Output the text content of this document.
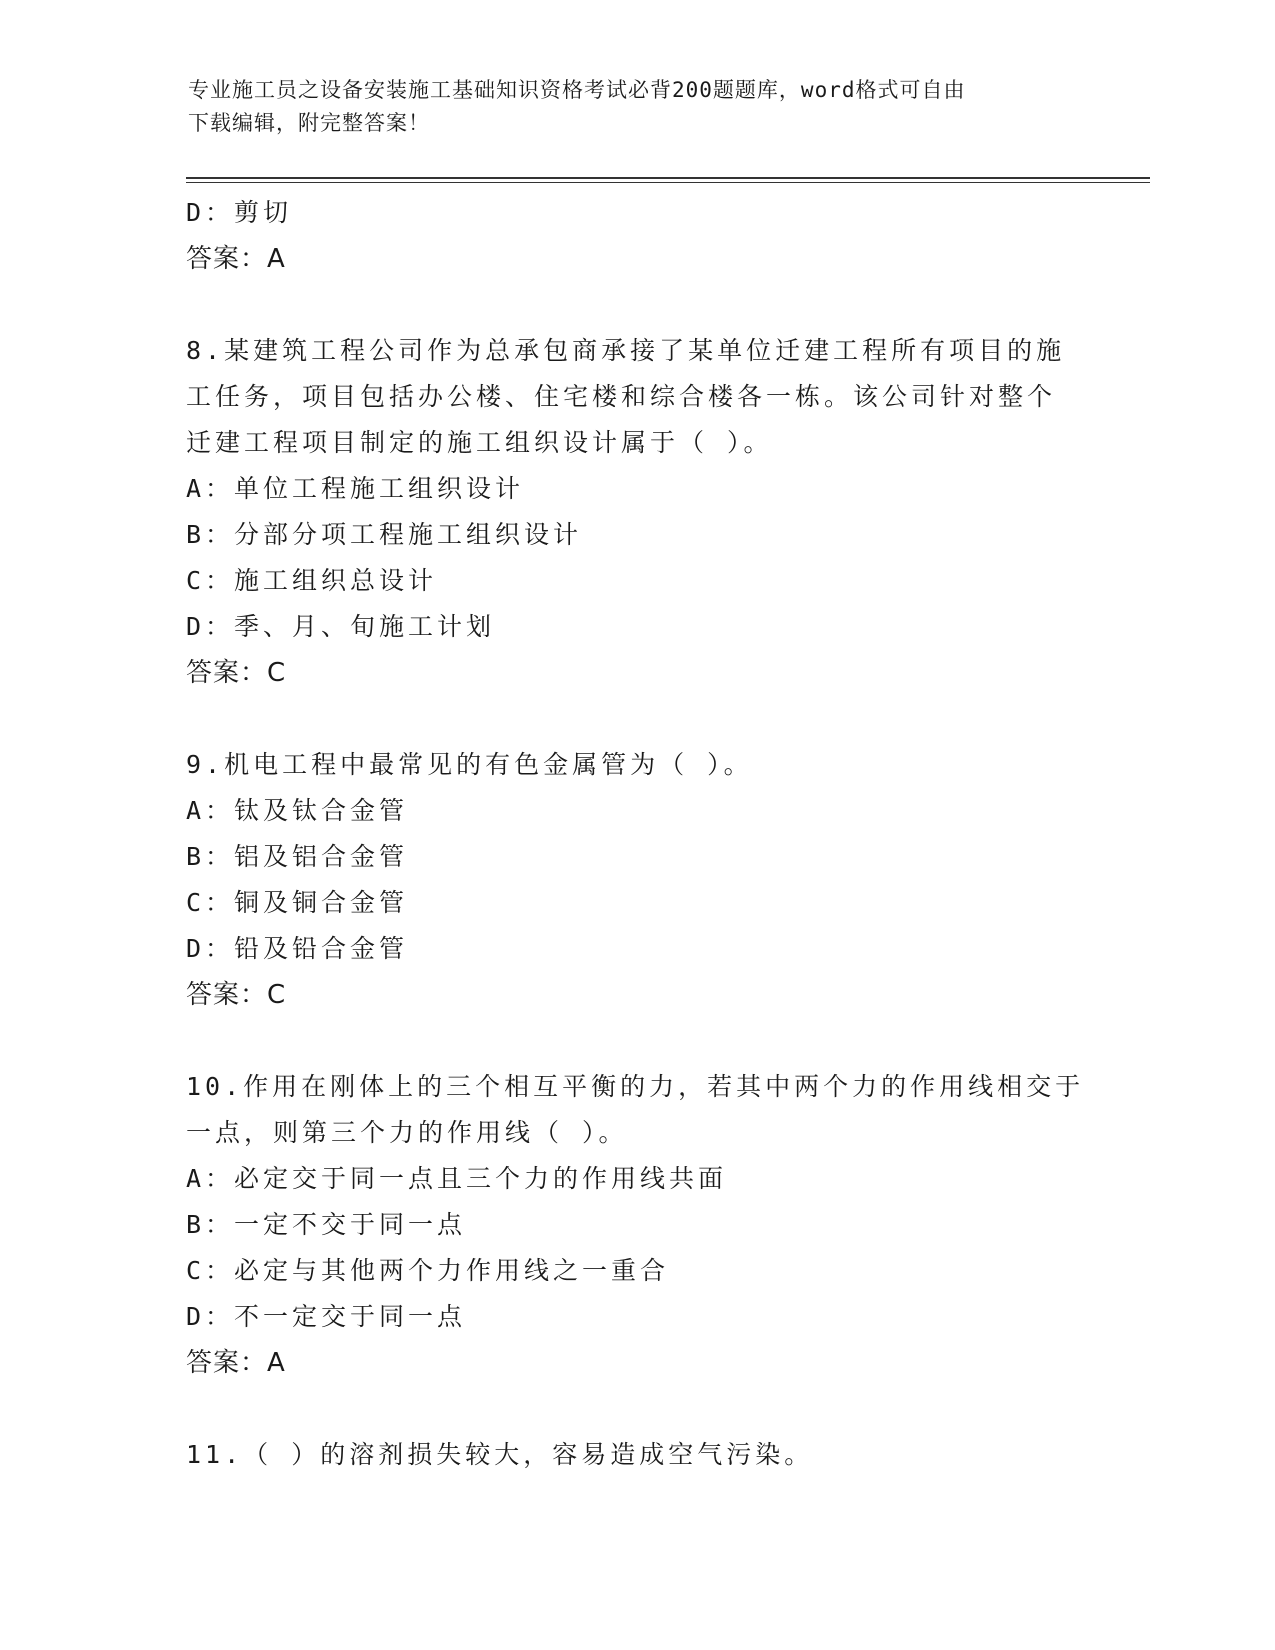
专业施工员之设备安装施工基础知识资格考试必背200题题库，word格式可自由
下载编辑，附完整答案！
D：剪切
答案：A
8.某建筑工程公司作为总承包商承接了某单位迁建工程所有项目的施
工任务，项目包括办公楼、住宅楼和综合楼各一栋。该公司针对整个
迁建工程项目制定的施工组织设计属于（ ）。
A：单位工程施工组织设计
B：分部分项工程施工组织设计
C：施工组织总设计
D：季、月、旬施工计划
答案：C
9.机电工程中最常见的有色金属管为（ ）。
A：钛及钛合金管
B：铝及铝合金管
C：铜及铜合金管
D：铅及铅合金管
答案：C
10.作用在刚体上的三个相互平衡的力，若其中两个力的作用线相交于
一点，则第三个力的作用线（ ）。
A：必定交于同一点且三个力的作用线共面
B：一定不交于同一点
C：必定与其他两个力作用线之一重合
D：不一定交于同一点
答案：A
11.（ ）的溶剂损失较大，容易造成空气污染。
